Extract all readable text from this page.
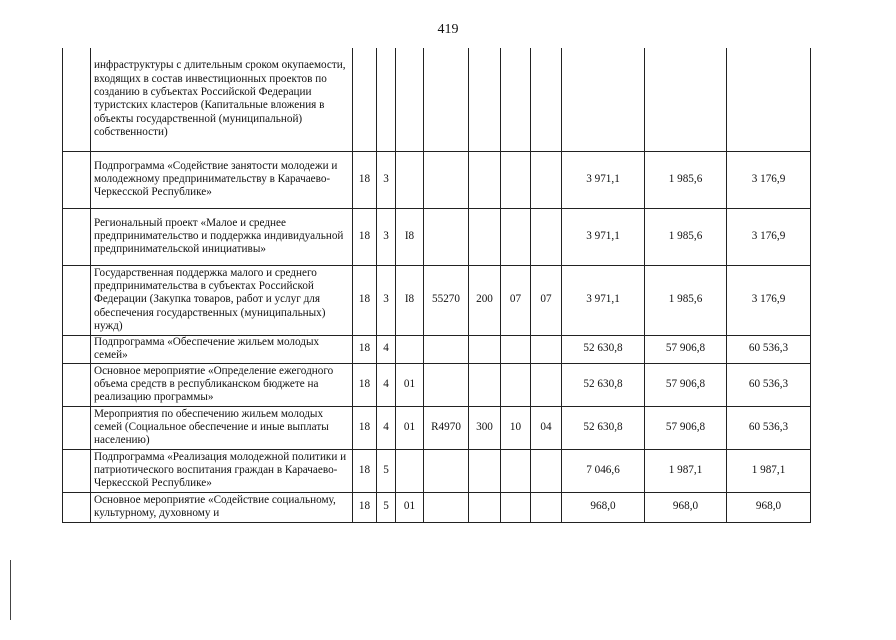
419
	инфраструктуры с длительным сроком окупаемости, входящих в состав инвестиционных проектов по созданию в субъектах Российской Федерации туристских кластеров (Капитальные вложения в объекты государственной (муниципальной) собственности)										
	Подпрограмма «Содействие занятости молодежи и молодежному предпринимательству в Карачаево-Черкесской Республике»	18	3						3 971,1	1 985,6	3 176,9
	Региональный проект «Малое и среднее предпринимательство и поддержка индивидуальной предпринимательской инициативы»	18	3	I8					3 971,1	1 985,6	3 176,9
	Государственная поддержка малого и среднего предпринимательства в субъектах Российской Федерации (Закупка товаров, работ и услуг для обеспечения государственных (муниципальных) нужд)	18	3	I8	55270	200	07	07	3 971,1	1 985,6	3 176,9
	Подпрограмма «Обеспечение жильем молодых семей»	18	4						52 630,8	57 906,8	60 536,3
	Основное мероприятие «Определение ежегодного объема средств в республиканском бюджете на реализацию программы»	18	4	01					52 630,8	57 906,8	60 536,3
	Мероприятия по обеспечению жильем молодых семей (Социальное обеспечение и иные выплаты населению)	18	4	01	R4970	300	10	04	52 630,8	57 906,8	60 536,3
	Подпрограмма «Реализация молодежной политики и патриотического воспитания граждан в Карачаево-Черкесской Республике»	18	5						7 046,6	1 987,1	1 987,1
	Основное мероприятие «Содействие социальному, культурному, духовному и	18	5	01					968,0	968,0	968,0
